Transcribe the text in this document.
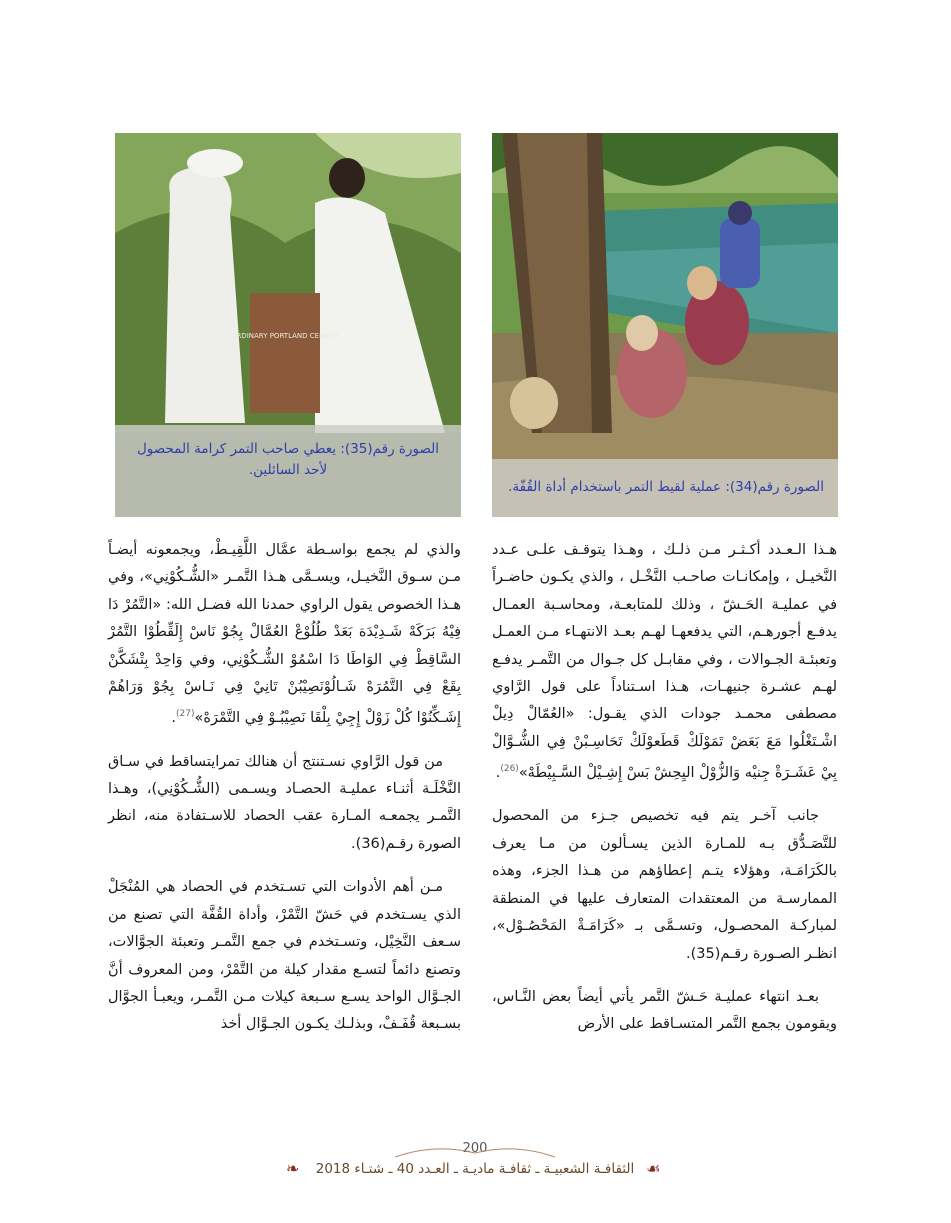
الصورة رقم(34): عملية لقيط التمر باستخدام أداة القُفّة.
ORDINARY PORTLAND CEMENT
الصورة رقم(35): يعطي صاحب التمر كرامة المحصول
لأحد السائلين.

هـذا الـعـدد أكـثـر مـن ذلـك ، وهـذا يتوقـف علـى عـدد النَّخيـل ، وإمكانـات صاحـب النَّخْـل ، والذي يكـون حاضـراً في عمليـة الحَـشّ ، وذلك للمتابعـة، ومحاسـبة العمـال يدفـع أجورهـم، التي يدفعهـا لهـم بعـد الانتهـاء مـن العمـل وتعبئـة الجـوالات ، وفي مقابـل كل جـوال من التَّمـر يدفـع لهـم عشـرة جنيهـات، هـذا اسـتناداً على قول الرَّاوي مصطفى محمـد جودات الذي يقـول: «العُمّالْ دِيلْ اشْـتَغْلُوا مَعَ بَعَضْ تَمَوْلَكْ قَطَعوْلَكْ تَحَاسِـبْنْ فِي الشُّـوَّالْ بِيْ عَشَـرَةْ جِنيْه وَالزُّوْلْ اليِحِشْ بَسْ إِشِـيْلْ السَّـبِيْطَهْ»$^{(26)}$.

جانب آخـر يتم فيه تخصيص جـزء من المحصول للتَّصَـدُّق بـه للمـارة الذين يسـألون من مـا يعرف بالكَرَامَـة، وهؤلاء يتـم إعطاؤهم من هـذا الجزء، وهذه الممارسـة من المعتقدات المتعارف عليها في المنطقة لمباركـة المحصـول، وتسـمَّى بـ «كَرَامَـةْ المَحْصُـوْل»، انظـر الصـورة رقـم(35).

بعـد انتهاء عمليـة حَـشّ التَّمر يأتي أيضاً بعض النَّـاس، ويقومون بجمع التَّمر المتسـاقط على الأرض

والذي لم يجمع بواسـطة عمَّال اللَّقِيـطْ، ويجمعونه أيضـاً مـن سـوق النَّخيـل، ويسـمَّى هـذا التَّمـر «الشُّـكُوْنِي»، وفي هـذا الخصوص يقول الراوي حمدنا الله فضـل الله: «التَّمُرْ دَا فِيْهُ بَرَكَهْ شَـدِيْدَة بَعَدْ طُلُوْعْ العُمَّالْ بِجُوْ نَاسْ إِلَقِّطُوْا التَّمُرْ السَّاقِطْ فِي الوَاطَا دَا اسْمُوْ الشُّـكُوْنِي، وفي وَاحِدْ بِتْشَكَّنْ بِقَعْ فِي التَّمُرَهْ شَـالُوْنَصِيْبُنْ تَانِيْ فِي نَـاسْ بِجُوْ وَرَاهُمْ إِشَـكِّنُوْا كُلْ زَوْلْ إِجِيْ بِلْقَا نَصِيْبُـوْ فِي التَّمْرَهْ»$^{(27)}$.

من قول الرَّاوي نسـتنتج أن هنالك تمرايتساقط في سـاق النَّخْلَـة أثنـاء عمليـة الحصـاد ويسـمى (الشُّـكُوْنِي)، وهـذا التَّمـر يجمعـه المـارة عقب الحصاد للاسـتفادة منه، انظر الصورة رقـم(36).

مـن أهم الأدوات التي تسـتخدم في الحصاد هي المُنْجَلْ الذي يسـتخدم في حَشّ التَّمْرْ، وأداة القُفَّة التي تصنع من سـعف النَّخِيْل، وتسـتخدم في جمع التَّمـر وتعبئة الجوَّالات، وتصنع دائماً لتسـع مقدار كيلة من التَّمْرْ، ومن المعروف أنَّ الجـوَّال الواحد يسـع سـبعة كيلات مـن التَّمـر، ويعبـأ الجوَّال بسـبعة قُفَـفْ، وبذلـك يكـون الجـوَّال أخذ

200
الثقافـة الشعبيـة ـ ثقافـة ماديـة ـ العـدد 40 ـ شتـاء 2018
❧	☙
